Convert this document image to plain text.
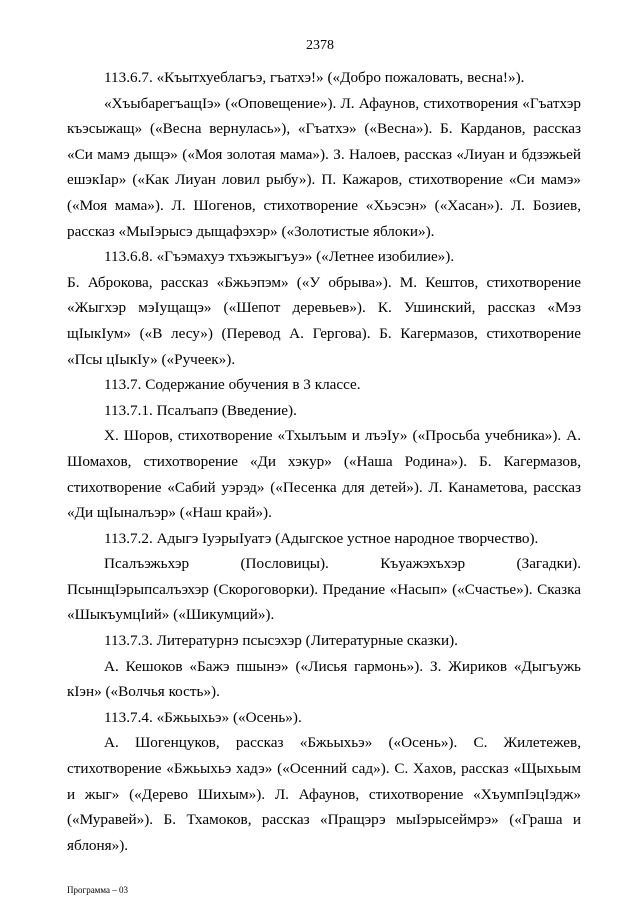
2378

113.6.7. «Къытхуеблагъэ, гъатхэ!» («Добро пожаловать, весна!»).

«ХъыбарегъащIэ» («Оповещение»). Л. Афаунов, стихотворения «Гъатхэр къэсыжащ» («Весна вернулась»), «Гъатхэ» («Весна»). Б. Карданов, рассказ «Си мамэ дыщэ» («Моя золотая мама»). З. Налоев, рассказ «Лиуан и бдзэжьей ешэкIар» («Как Лиуан ловил рыбу»). П. Кажаров, стихотворение «Си мамэ» («Моя мама»). Л. Шогенов, стихотворение «Хьэсэн» («Хасан»). Л. Бозиев, рассказ «МыIэрысэ дыщафэхэр» («Золотистые яблоки»).

113.6.8. «Гъэмахуэ тхъэжыгъуэ» («Летнее изобилие»).

Б. Аброкова, рассказ «Бжьэпэм» («У обрыва»). М. Кештов, стихотворение «Жыгхэр мэIущащэ» («Шепот деревьев»). К. Ушинский, рассказ «Мэз щIыкIум» («В лесу») (Перевод А. Гергова). Б. Кагермазов, стихотворение «Псы цIыкIу» («Ручеек»).

113.7. Содержание обучения в 3 классе.

113.7.1. Псалъапэ (Введение).

Х. Шоров, стихотворение «Тхылъым и лъэIу» («Просьба учебника»). А. Шомахов, стихотворение «Ди хэкур» («Наша Родина»). Б. Кагермазов, стихотворение «Сабий уэрэд» («Песенка для детей»). Л. Канаметова, рассказ «Ди щIыналъэр» («Наш край»).

113.7.2. Адыгэ IуэрыIуатэ (Адыгское устное народное творчество).

Псалъэжьхэр (Пословицы). Къуажэхъхэр (Загадки). ПсынщIэрыпсалъэхэр (Скороговорки). Предание «Насып» («Счастье»). Сказка «ШыкъумцIий» («Шикумций»).

113.7.3. Литературнэ псысэхэр (Литературные сказки).

А. Кешоков «Бажэ пшынэ» («Лисья гармонь»). З. Жириков «Дыгъужь кIэн» («Волчья кость»).

113.7.4. «Бжьыхьэ» («Осень»).

А. Шогенцуков, рассказ «Бжьыхьэ» («Осень»). С. Жилетежев, стихотворение «Бжьыхьэ хадэ» («Осенний сад»). С. Хахов, рассказ «Щыхьым и жыг» («Дерево Шихым»). Л. Афаунов, стихотворение «ХъумпIэцIэдж» («Муравей»). Б. Тхамоков, рассказ «Пращэрэ мыIэрысеймрэ» («Граша и яблоня»).

Программа – 03
